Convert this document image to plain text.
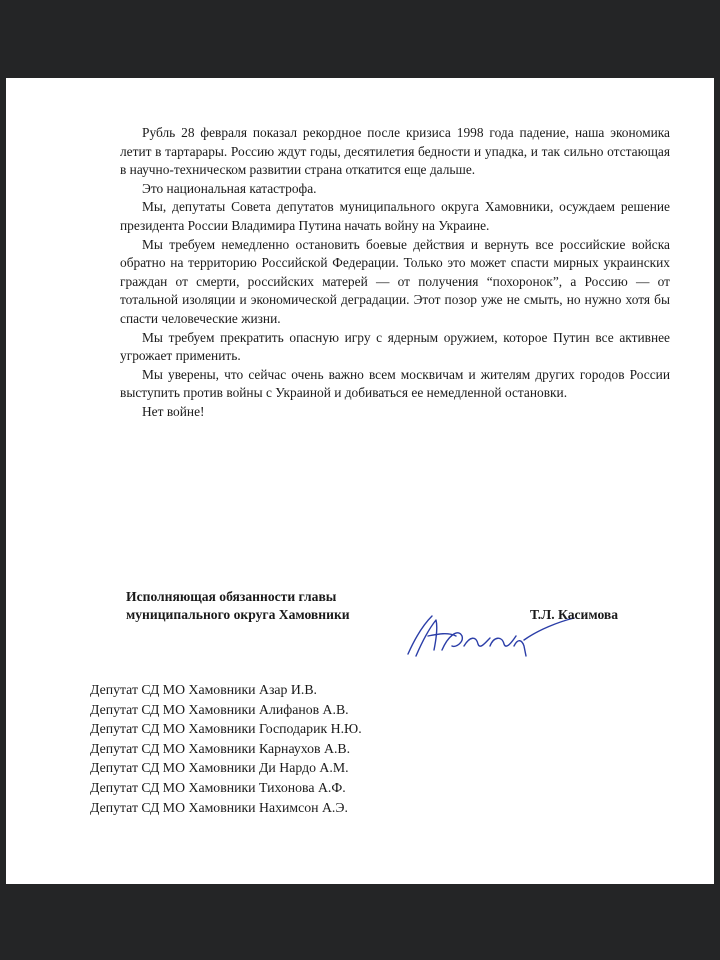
Рубль 28 февраля показал рекордное после кризиса 1998 года падение, наша экономика летит в тартарары. Россию ждут годы, десятилетия бедности и упадка, и так сильно отстающая в научно-техническом развитии страна откатится еще дальше.

Это национальная катастрофа.

Мы, депутаты Совета депутатов муниципального округа Хамовники, осуждаем решение президента России Владимира Путина начать войну на Украине.

Мы требуем немедленно остановить боевые действия и вернуть все российские войска обратно на территорию Российской Федерации. Только это может спасти мирных украинских граждан от смерти, российских матерей — от получения “похоронок”, а Россию — от тотальной изоляции и экономической деградации. Этот позор уже не смыть, но нужно хотя бы спасти человеческие жизни.

Мы требуем прекратить опасную игру с ядерным оружием, которое Путин все активнее угрожает применить.

Мы уверены, что сейчас очень важно всем москвичам и жителям других городов России выступить против войны с Украиной и добиваться ее немедленной остановки.

Нет войне!

Исполняющая обязанности главы
муниципального округа Хамовники	Т.Л. Касимова
Депутат СД МО Хамовники Азар И.В.
Депутат СД МО Хамовники Алифанов А.В.
Депутат СД МО Хамовники Господарик Н.Ю.
Депутат СД МО Хамовники Карнаухов А.В.
Депутат СД МО Хамовники Ди Нардо А.М.
Депутат СД МО Хамовники Тихонова А.Ф.
Депутат СД МО Хамовники Нахимсон А.Э.
